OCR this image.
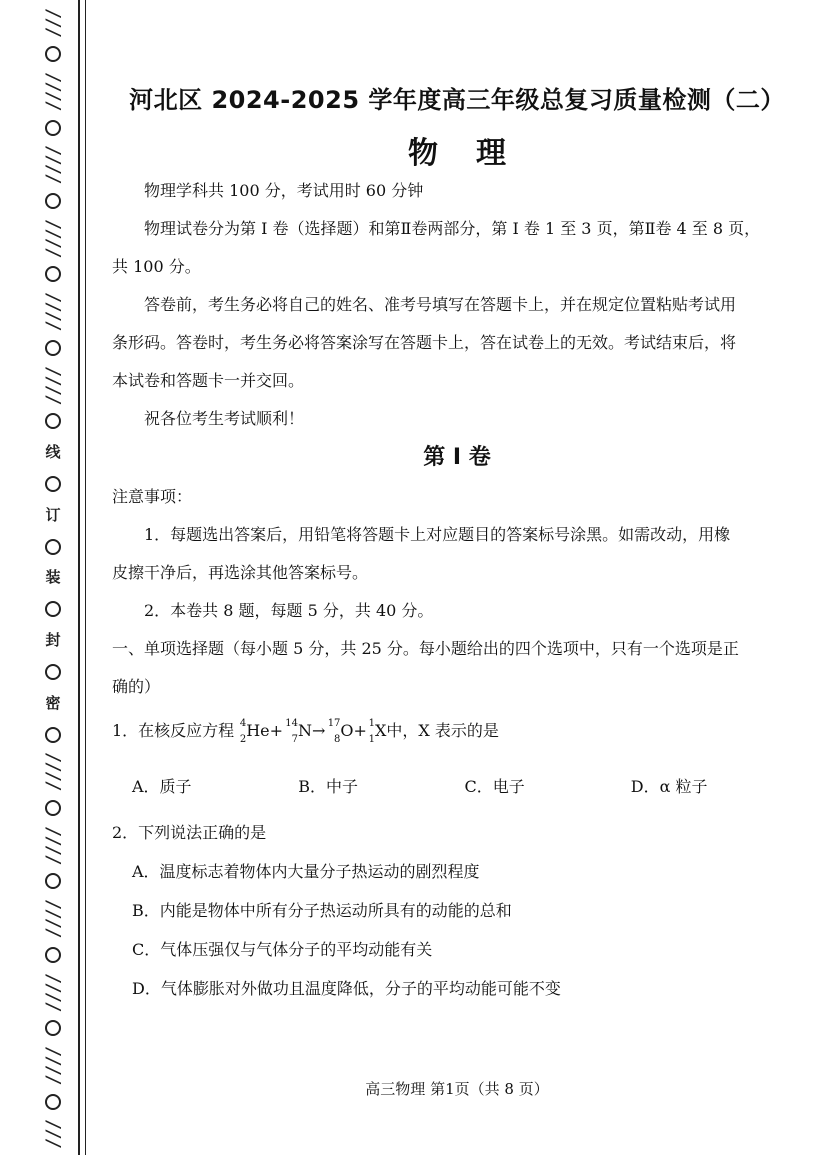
///
////
////
////
////
////
线
订
装
封
密
////
////
////
////
////
///
河北区 2024-2025 学年度高三年级总复习质量检测（二）
物理

物理学科共 100 分，考试用时 60 分钟

物理试卷分为第 I 卷（选择题）和第Ⅱ卷两部分，第 I 卷 1 至 3 页，第Ⅱ卷 4 至 8 页，

共 100 分。

答卷前，考生务必将自己的姓名、准考号填写在答题卡上，并在规定位置粘贴考试用

条形码。答卷时，考生务必将答案涂写在答题卡上，答在试卷上的无效。考试结束后，将

本试卷和答题卡一并交回。

祝各位考生考试顺利！

第 I 卷

注意事项：

1．每题选出答案后，用铅笔将答题卡上对应题目的答案标号涂黑。如需改动，用橡

皮擦干净后，再选涂其他答案标号。

2．本卷共 8 题，每题 5 分，共 40 分。

一、单项选择题（每小题 5 分，共 25 分。每小题给出的四个选项中，只有一个选项是正

确的）

1．在核反应方程 4
2 He+ 14
7 N→ 17
8 O+ 1
1 X中，X 表示的是

A．质子	B．中子	C．电子	D．α 粒子

2．下列说法正确的是

A．温度标志着物体内大量分子热运动的剧烈程度
B．内能是物体中所有分子热运动所具有的动能的总和
C．气体压强仅与气体分子的平均动能有关
D．气体膨胀对外做功且温度降低，分子的平均动能可能不变
高三物理 第1页（共 8 页）
